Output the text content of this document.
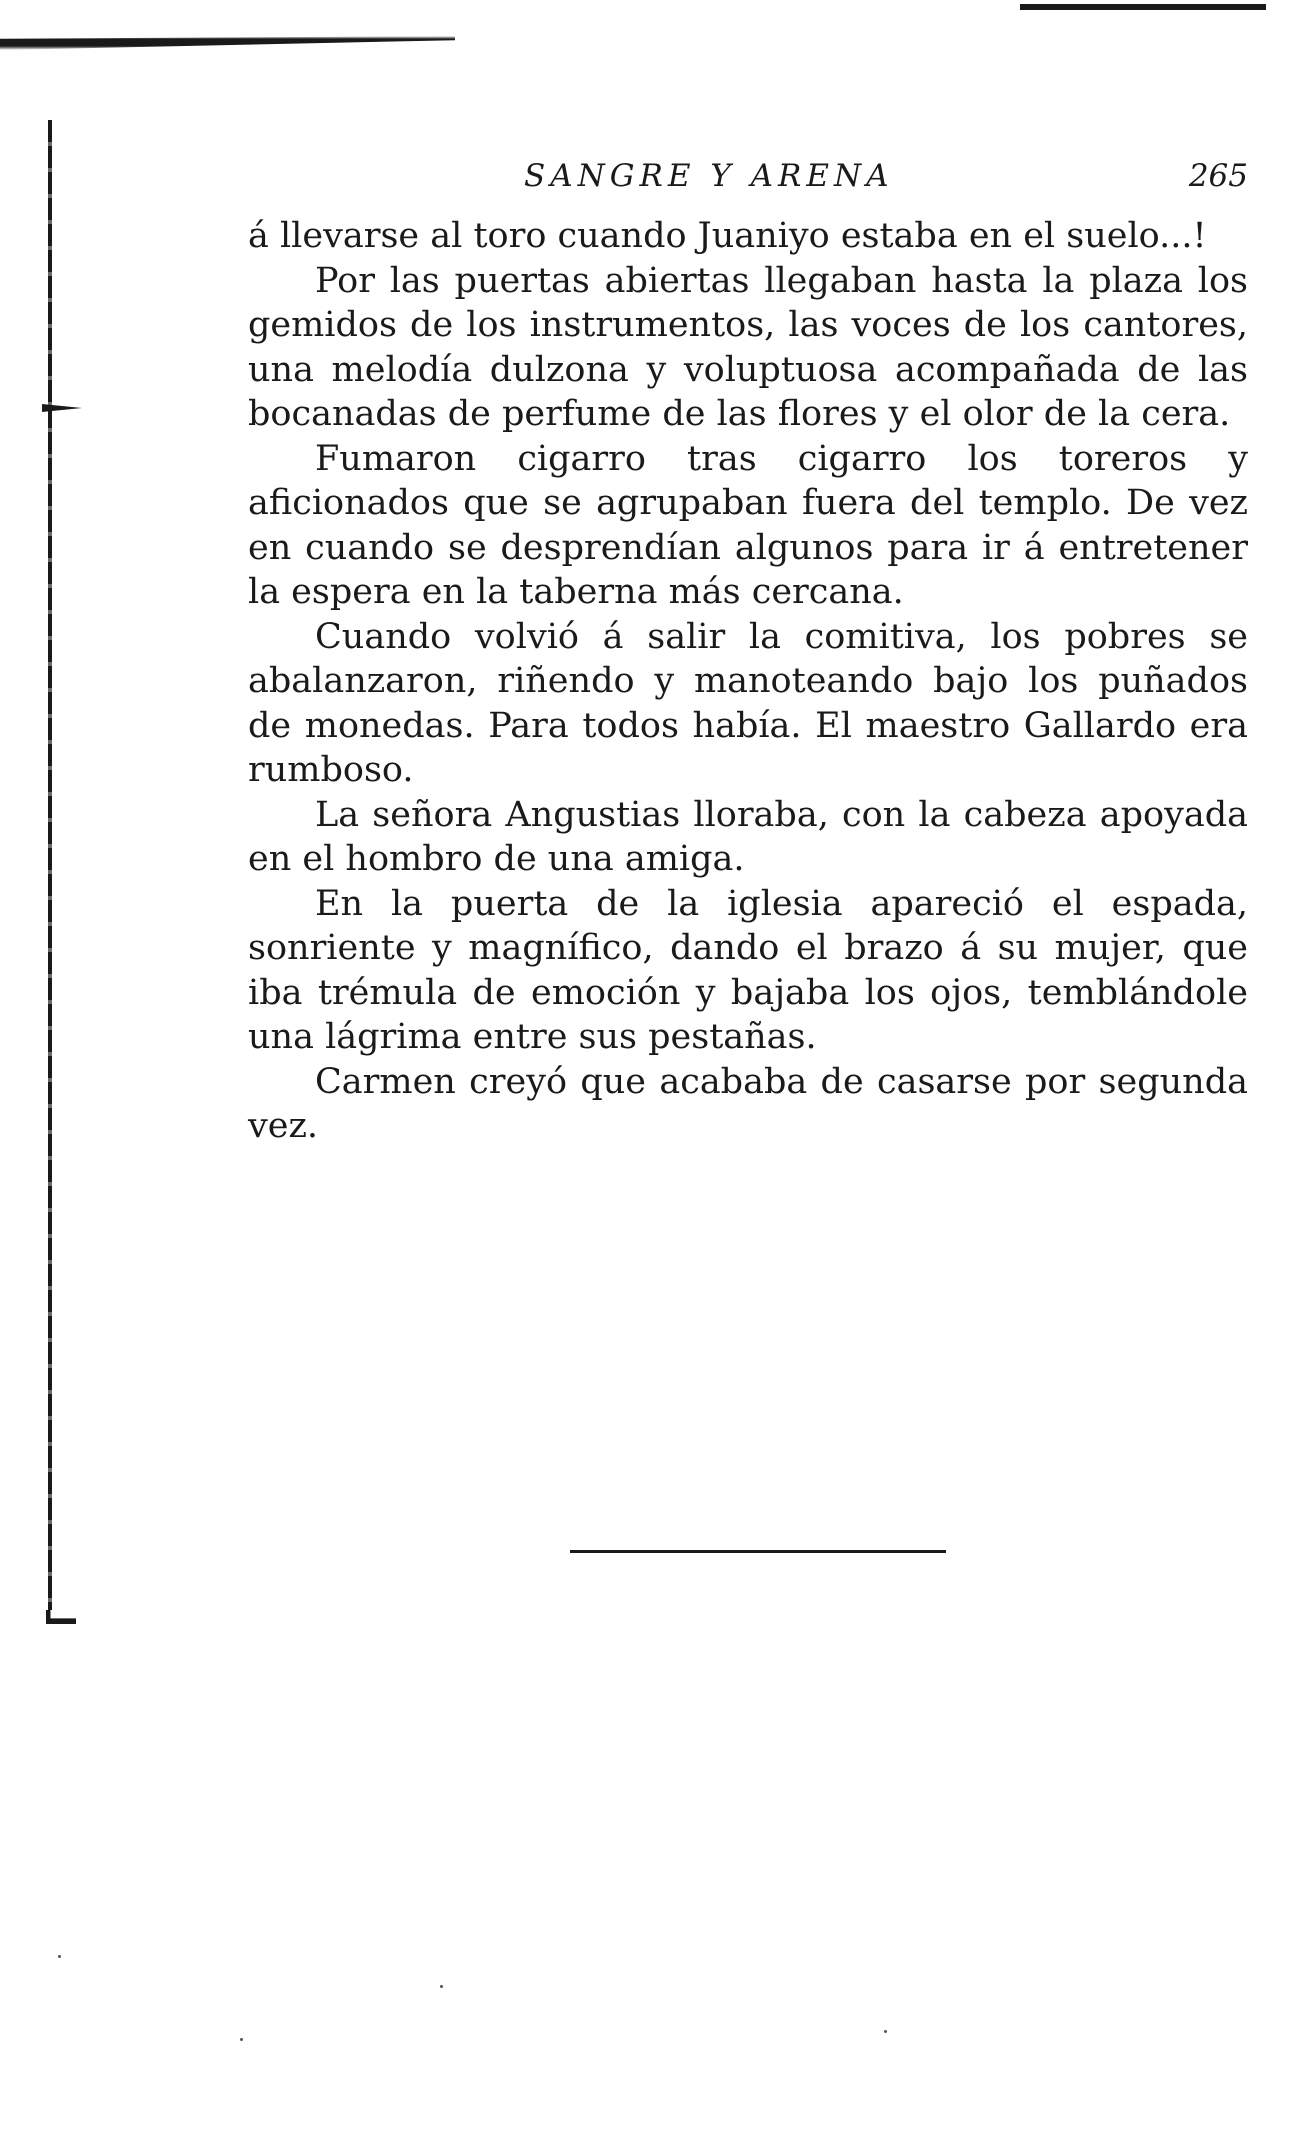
SANGRE Y ARENA	265

á llevarse al toro cuando Juaniyo estaba en el suelo...!

Por las puertas abiertas llegaban hasta la plaza los gemidos de los instrumentos, las voces de los cantores, una melodía dulzona y voluptuosa acompañada de las bocanadas de perfume de las flores y el olor de la cera.

Fumaron cigarro tras cigarro los toreros y aficionados que se agrupaban fuera del templo. De vez en cuando se desprendían algunos para ir á entretener la espera en la taberna más cercana.

Cuando volvió á salir la comitiva, los pobres se abalanzaron, riñendo y manoteando bajo los puñados de monedas. Para todos había. El maestro Gallardo era rumboso.

La señora Angustias lloraba, con la cabeza apoyada en el hombro de una amiga.

En la puerta de la iglesia apareció el espada, sonriente y magnífico, dando el brazo á su mujer, que iba trémula de emoción y bajaba los ojos, temblándole una lágrima entre sus pestañas.

Carmen creyó que acababa de casarse por segunda vez.
